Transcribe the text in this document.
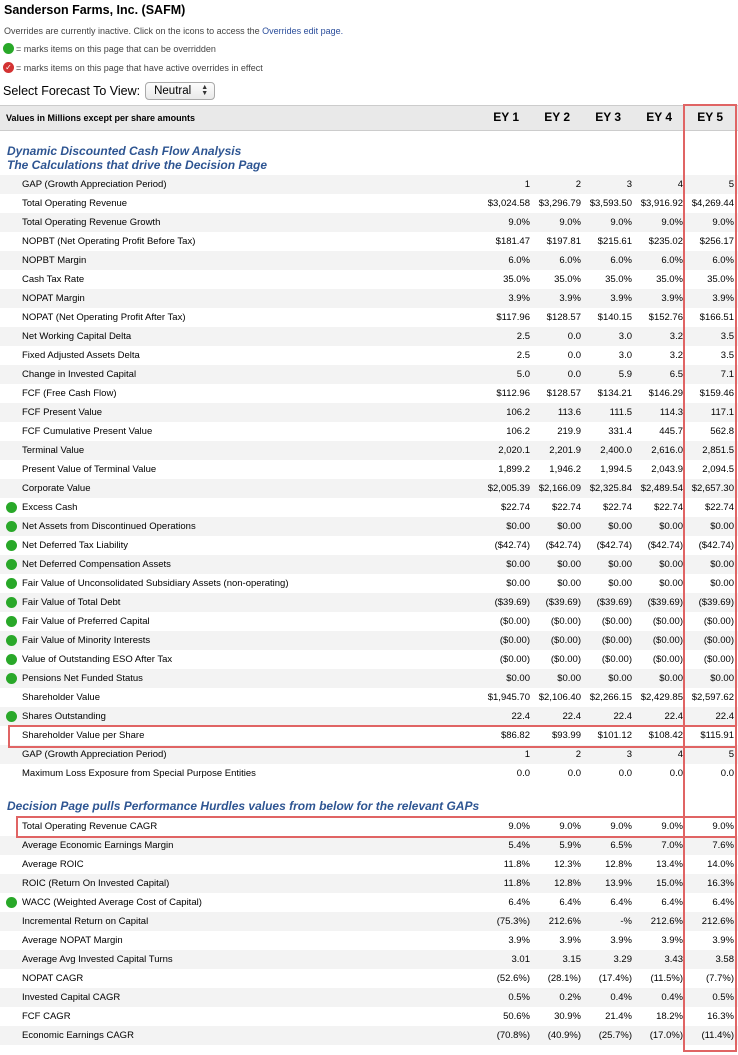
Sanderson Farms, Inc. (SAFM)
Overrides are currently inactive. Click on the icons to access the Overrides edit page.
= marks items on this page that can be overridden
✓ = marks items on this page that have active overrides in effect
Select Forecast To View: Neutral ▲
▼
Values in Millions except per share amounts	EY 1	EY 2	EY 3	EY 4	EY 5
Dynamic Discounted Cash Flow Analysis
The Calculations that drive the Decision Page
GAP (Growth Appreciation Period)	1	2	3	4	5
Total Operating Revenue	$3,024.58 $3,296.79 $3,593.50 $3,916.92 $4,269.44
Total Operating Revenue Growth	9.0%	9.0%	9.0%	9.0%	9.0%
NOPBT (Net Operating Profit Before Tax)	$181.47	$197.81	$215.61	$235.02	$256.17
NOPBT Margin	6.0%	6.0%	6.0%	6.0%	6.0%
Cash Tax Rate	35.0%	35.0%	35.0%	35.0%	35.0%
NOPAT Margin	3.9%	3.9%	3.9%	3.9%	3.9%
NOPAT (Net Operating Profit After Tax)	$117.96	$128.57	$140.15	$152.76	$166.51
Net Working Capital Delta	2.5	0.0	3.0	3.2	3.5
Fixed Adjusted Assets Delta	2.5	0.0	3.0	3.2	3.5
Change in Invested Capital	5.0	0.0	5.9	6.5	7.1
FCF (Free Cash Flow)	$112.96	$128.57	$134.21	$146.29	$159.46
FCF Present Value	106.2	113.6	111.5	114.3	117.1
FCF Cumulative Present Value	106.2	219.9	331.4	445.7	562.8
Terminal Value	2,020.1	2,201.9	2,400.0	2,616.0	2,851.5
Present Value of Terminal Value	1,899.2	1,946.2	1,994.5	2,043.9	2,094.5
Corporate Value	$2,005.39 $2,166.09 $2,325.84 $2,489.54 $2,657.30
Excess Cash	$22.74	$22.74	$22.74	$22.74	$22.74
Net Assets from Discontinued Operations	$0.00	$0.00	$0.00	$0.00	$0.00
Net Deferred Tax Liability	($42.74)	($42.74)	($42.74)	($42.74)	($42.74)
Net Deferred Compensation Assets	$0.00	$0.00	$0.00	$0.00	$0.00
Fair Value of Unconsolidated Subsidiary Assets (non-operating)	$0.00	$0.00	$0.00	$0.00	$0.00
Fair Value of Total Debt	($39.69)	($39.69)	($39.69)	($39.69)	($39.69)
Fair Value of Preferred Capital	($0.00)	($0.00)	($0.00)	($0.00)	($0.00)
Fair Value of Minority Interests	($0.00)	($0.00)	($0.00)	($0.00)	($0.00)
Value of Outstanding ESO After Tax	($0.00)	($0.00)	($0.00)	($0.00)	($0.00)
Pensions Net Funded Status	$0.00	$0.00	$0.00	$0.00	$0.00
Shareholder Value	$1,945.70 $2,106.40 $2,266.15 $2,429.85 $2,597.62
Shares Outstanding	22.4	22.4	22.4	22.4	22.4
Shareholder Value per Share	$86.82	$93.99	$101.12	$108.42	$115.91
GAP (Growth Appreciation Period)	1	2	3	4	5
Maximum Loss Exposure from Special Purpose Entities	0.0	0.0	0.0	0.0	0.0
Decision Page pulls Performance Hurdles values from below for the relevant GAPs
Total Operating Revenue CAGR	9.0%	9.0%	9.0%	9.0%	9.0%
Average Economic Earnings Margin	5.4%	5.9%	6.5%	7.0%	7.6%
Average ROIC	11.8%	12.3%	12.8%	13.4%	14.0%
ROIC (Return On Invested Capital)	11.8%	12.8%	13.9%	15.0%	16.3%
WACC (Weighted Average Cost of Capital)	6.4%	6.4%	6.4%	6.4%	6.4%
Incremental Return on Capital	(75.3%)	212.6%	-%	212.6%	212.6%
Average NOPAT Margin	3.9%	3.9%	3.9%	3.9%	3.9%
Average Avg Invested Capital Turns	3.01	3.15	3.29	3.43	3.58
NOPAT CAGR	(52.6%)	(28.1%)	(17.4%)	(11.5%)	(7.7%)
Invested Capital CAGR	0.5%	0.2%	0.4%	0.4%	0.5%
FCF CAGR	50.6%	30.9%	21.4%	18.2%	16.3%
Economic Earnings CAGR	(70.8%)	(40.9%)	(25.7%)	(17.0%)	(11.4%)
